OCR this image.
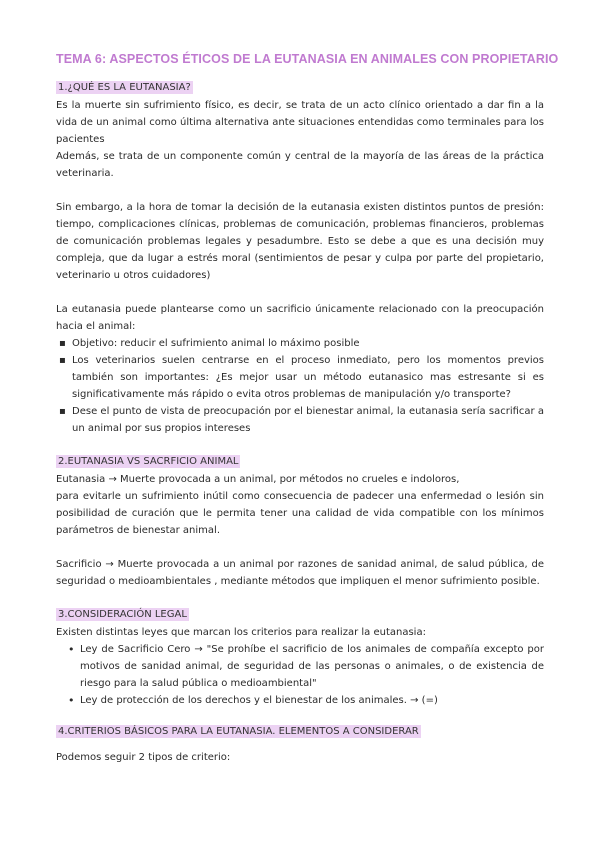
TEMA 6: ASPECTOS ÉTICOS DE LA EUTANASIA EN ANIMALES CON PROPIETARIO
1.¿QUÉ ES LA EUTANASIA?

Es la muerte sin sufrimiento físico, es decir, se trata de un acto clínico orientado a dar fin a la vida de un animal como última alternativa ante situaciones entendidas como terminales para los pacientes

Además, se trata de un componente común y central de la mayoría de las áreas de la práctica veterinaria.

Sin embargo, a la hora de tomar la decisión de la eutanasia existen distintos puntos de presión: tiempo, complicaciones clínicas, problemas de comunicación, problemas financieros, problemas de comunicación problemas legales y pesadumbre. Esto se debe a que es una decisión muy compleja, que da lugar a estrés moral (sentimientos de pesar y culpa por parte del propietario, veterinario u otros cuidadores)

La eutanasia puede plantearse como un sacrificio únicamente relacionado con la preocupación hacia el animal:

▪ Objetivo: reducir el sufrimiento animal lo máximo posible
▪ Los veterinarios suelen centrarse en el proceso inmediato, pero los momentos previos también son importantes: ¿Es mejor usar un método eutanasico mas estresante si es significativamente más rápido o evita otros problemas de manipulación y/o transporte?
▪ Dese el punto de vista de preocupación por el bienestar animal, la eutanasia sería sacrificar a un animal por sus propios intereses
2.EUTANASIA VS SACRFICIO ANIMAL

Eutanasia → Muerte provocada a un animal, por métodos no crueles e indoloros,

para evitarle un sufrimiento inútil como consecuencia de padecer una enfermedad o lesión sin posibilidad de curación que le permita tener una calidad de vida compatible con los mínimos parámetros de bienestar animal.

Sacrificio → Muerte provocada a un animal por razones de sanidad animal, de salud pública, de seguridad o medioambientales , mediante métodos que impliquen el menor sufrimiento posible.

3.CONSIDERACIÓN LEGAL

Existen distintas leyes que marcan los criterios para realizar la eutanasia:

• Ley de Sacrificio Cero → "Se prohíbe el sacrificio de los animales de compañía excepto por motivos de sanidad animal, de seguridad de las personas o animales, o de existencia de riesgo para la salud pública o medioambiental"
• Ley de protección de los derechos y el bienestar de los animales. → (=)
4.CRITERIOS BÁSICOS PARA LA EUTANASIA. ELEMENTOS A CONSIDERAR

Podemos seguir 2 tipos de criterio:
